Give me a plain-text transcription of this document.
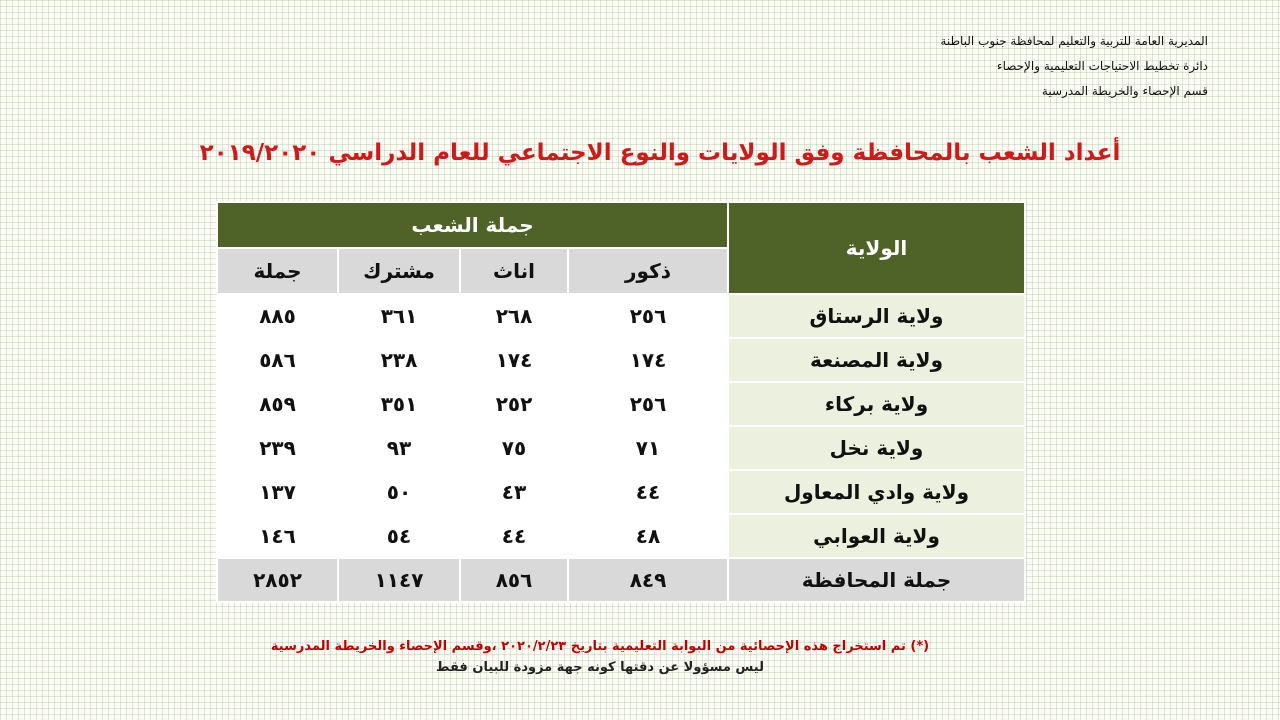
المديرية العامة للتربية والتعليم لمحافظة جنوب الباطنة
دائرة تخطيط الاحتياجات التعليمية والإحصاء
قسم الإحصاء والخريطة المدرسية
أعداد الشعب بالمحافظة وفق الولايات والنوع الاجتماعي للعام الدراسي ٢٠١٩/٢٠٢٠
الولاية	جملة الشعب			
	ذكور	اناث	مشترك	جملة
ولاية الرستاق	٢٥٦	٢٦٨	٣٦١	٨٨٥
ولاية المصنعة	١٧٤	١٧٤	٢٣٨	٥٨٦
ولاية بركاء	٢٥٦	٢٥٢	٣٥١	٨٥٩
ولاية نخل	٧١	٧٥	٩٣	٢٣٩
ولاية وادي المعاول	٤٤	٤٣	٥٠	١٣٧
ولاية العوابي	٤٨	٤٤	٥٤	١٤٦
جملة المحافظة	٨٤٩	٨٥٦	١١٤٧	٢٨٥٢
(*) تم استخراج هذه الإحصائية من البوابة التعليمية بتاريخ ٢٠٢٠/٢/٢٣ ،وقسم الإحصاء والخريطة المدرسية
ليس مسؤولا عن دقتها كونه جهة مزودة للبيان فقط
